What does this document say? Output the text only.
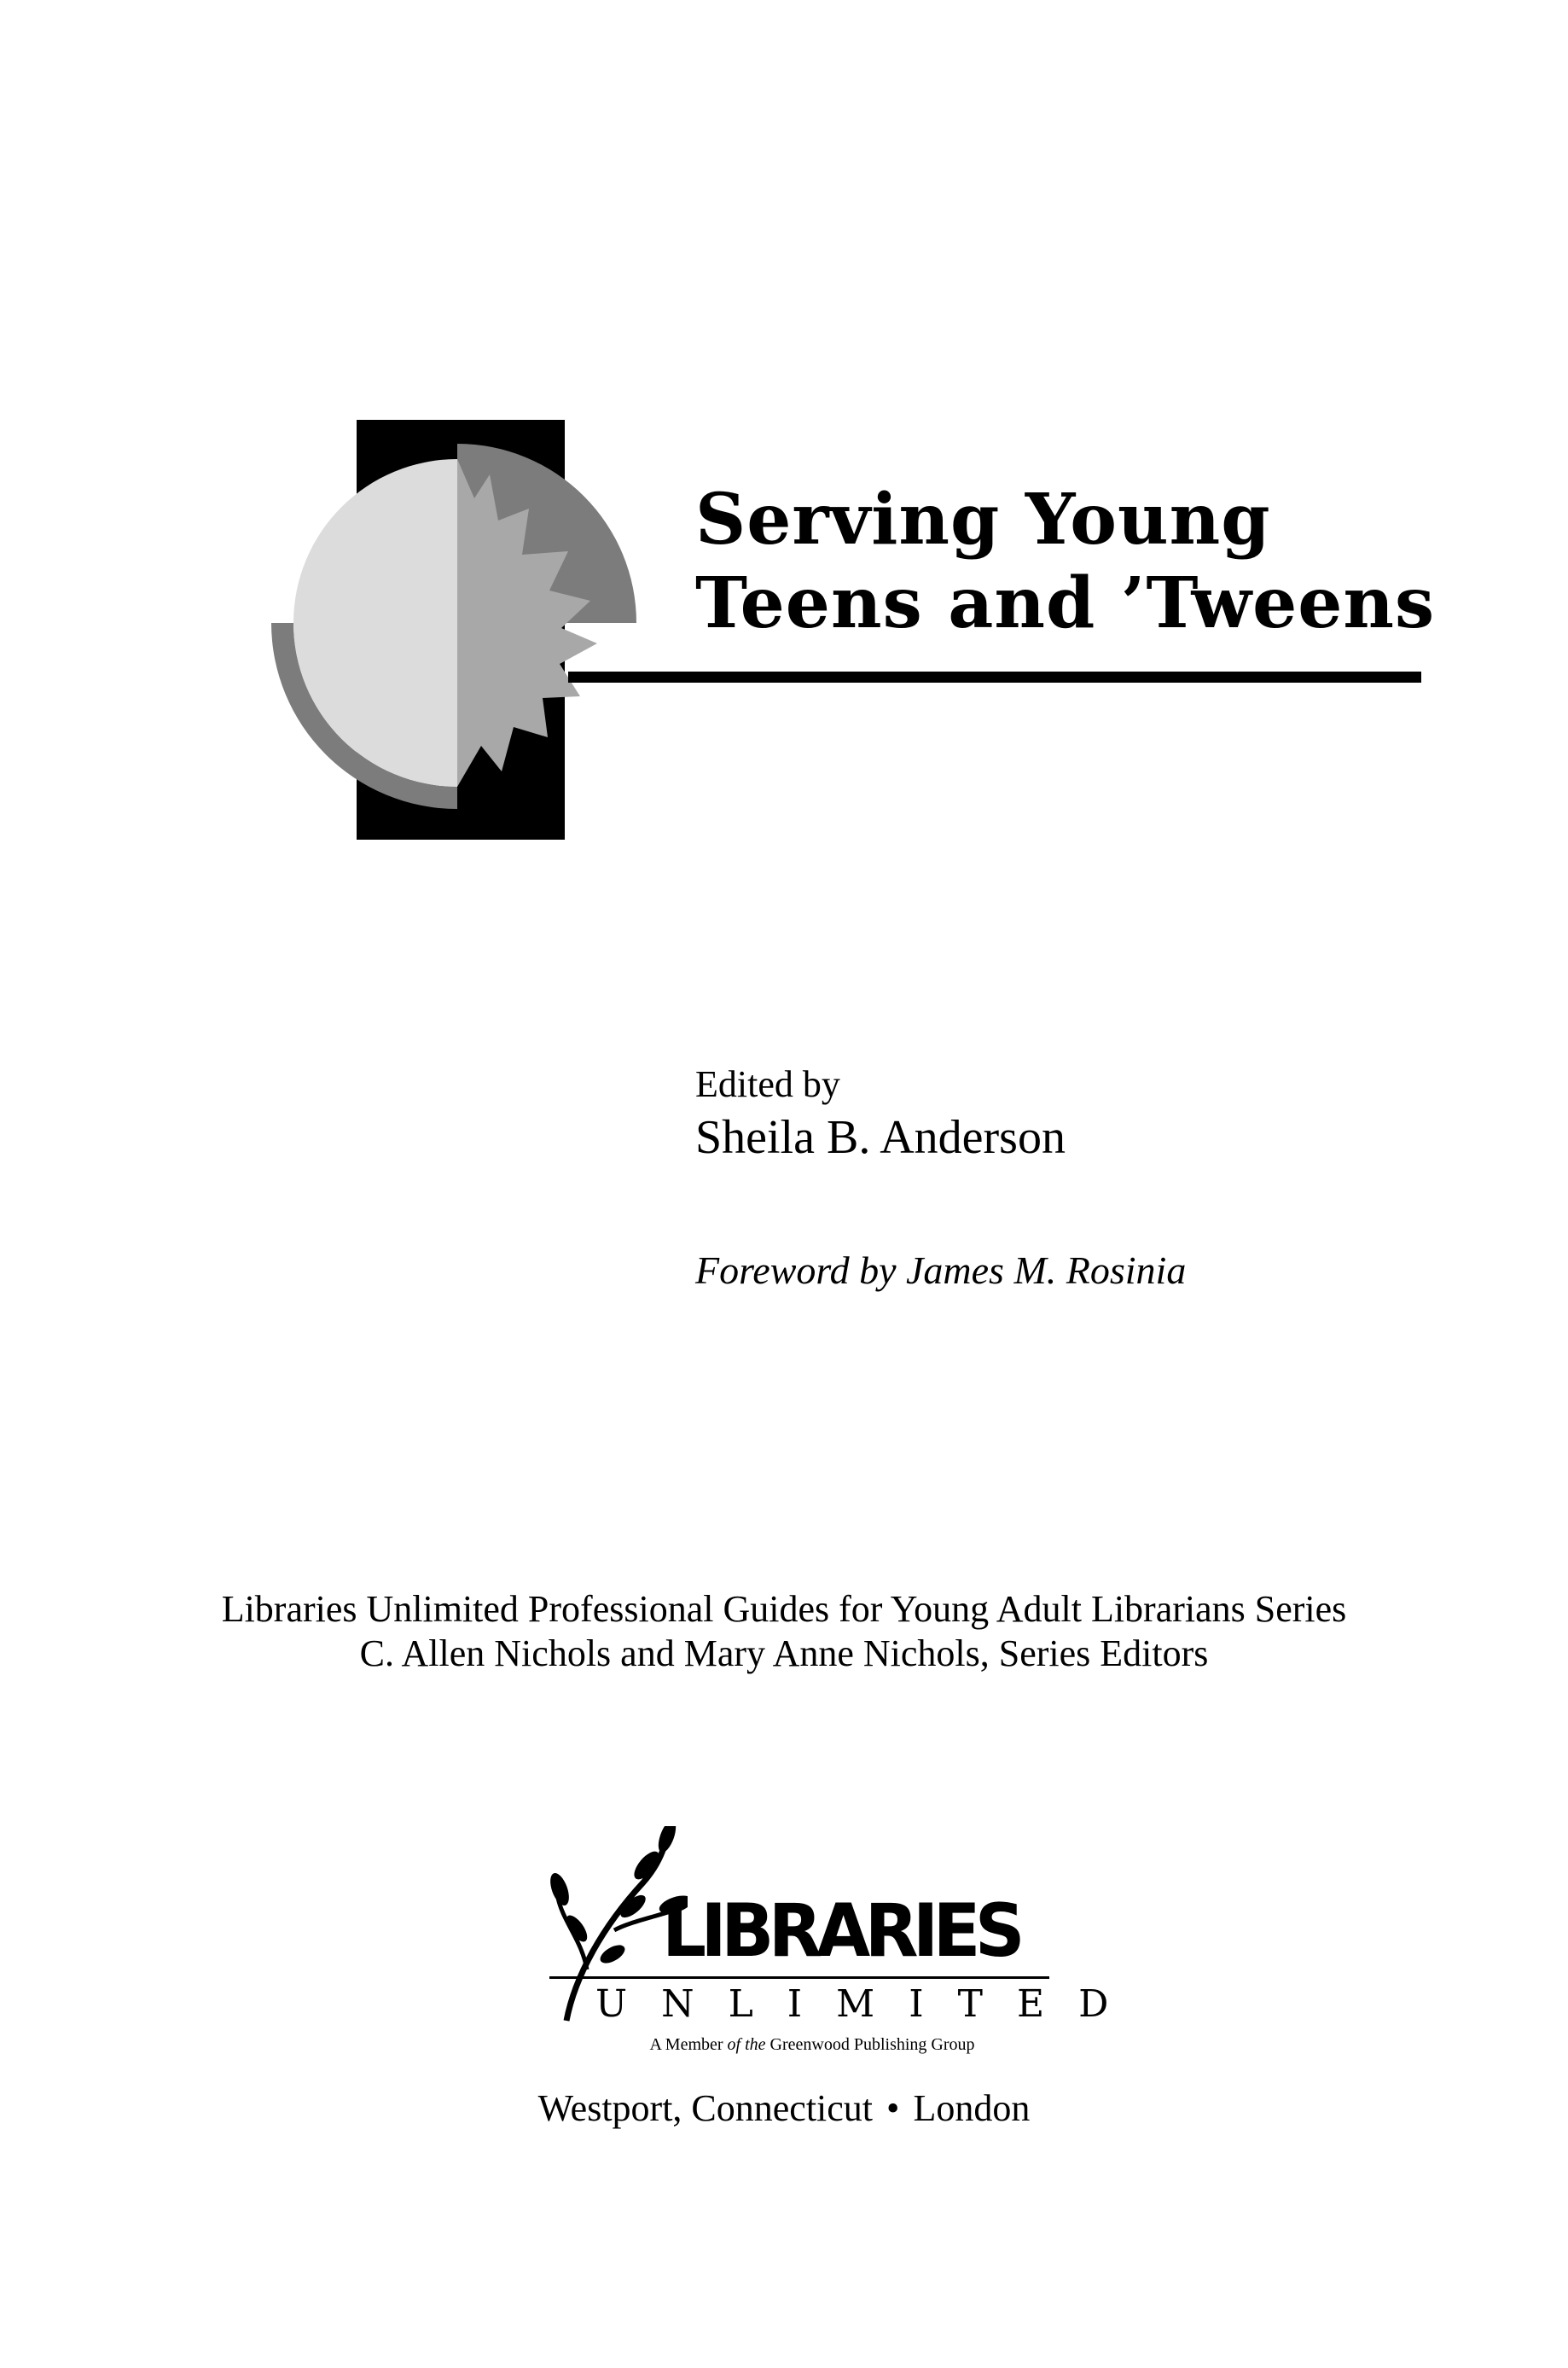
Serving Young
Teens and ’Tweens
Edited by
Sheila B. Anderson
Foreword by James M. Rosinia
Libraries Unlimited Professional Guides for Young Adult Librarians Series
C. Allen Nichols and Mary Anne Nichols, Series Editors
LIBRARIES
UNLIMITED
A Member of the Greenwood Publishing Group
Westport, Connecticut • London
